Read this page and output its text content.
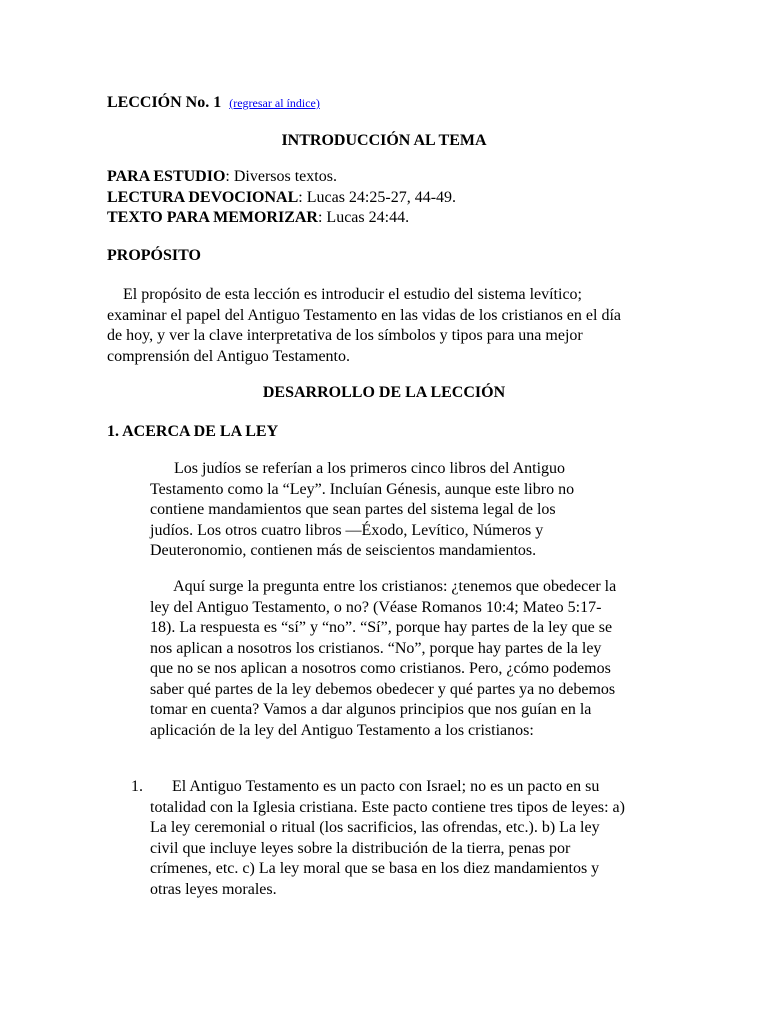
LECCIÓN No. 1 (regresar al índice)
INTRODUCCIÓN AL TEMA
PARA ESTUDIO: Diversos textos.
LECTURA DEVOCIONAL: Lucas 24:25-27, 44-49.
TEXTO PARA MEMORIZAR: Lucas 24:44.
PROPÓSITO
El propósito de esta lección es introducir el estudio del sistema levítico;
examinar el papel del Antiguo Testamento en las vidas de los cristianos en el día
de hoy, y ver la clave interpretativa de los símbolos y tipos para una mejor
comprensión del Antiguo Testamento.
DESARROLLO DE LA LECCIÓN
1. ACERCA DE LA LEY
Los judíos se referían a los primeros cinco libros del Antiguo
Testamento como la “Ley”. Incluían Génesis, aunque este libro no
contiene mandamientos que sean partes del sistema legal de los
judíos. Los otros cuatro libros —Éxodo, Levítico, Números y
Deuteronomio, contienen más de seiscientos mandamientos.
Aquí surge la pregunta entre los cristianos: ¿tenemos que obedecer la
ley del Antiguo Testamento, o no? (Véase Romanos 10:4; Mateo 5:17-
18). La respuesta es “sí” y “no”. “Sí”, porque hay partes de la ley que se
nos aplican a nosotros los cristianos. “No”, porque hay partes de la ley
que no se nos aplican a nosotros como cristianos. Pero, ¿cómo podemos
saber qué partes de la ley debemos obedecer y qué partes ya no debemos
tomar en cuenta? Vamos a dar algunos principios que nos guían en la
aplicación de la ley del Antiguo Testamento a los cristianos:
1.	El Antiguo Testamento es un pacto con Israel; no es un pacto en su
totalidad con la Iglesia cristiana. Este pacto contiene tres tipos de leyes: a)
La ley ceremonial o ritual (los sacrificios, las ofrendas, etc.). b) La ley
civil que incluye leyes sobre la distribución de la tierra, penas por
crímenes, etc. c) La ley moral que se basa en los diez mandamientos y
otras leyes morales.
